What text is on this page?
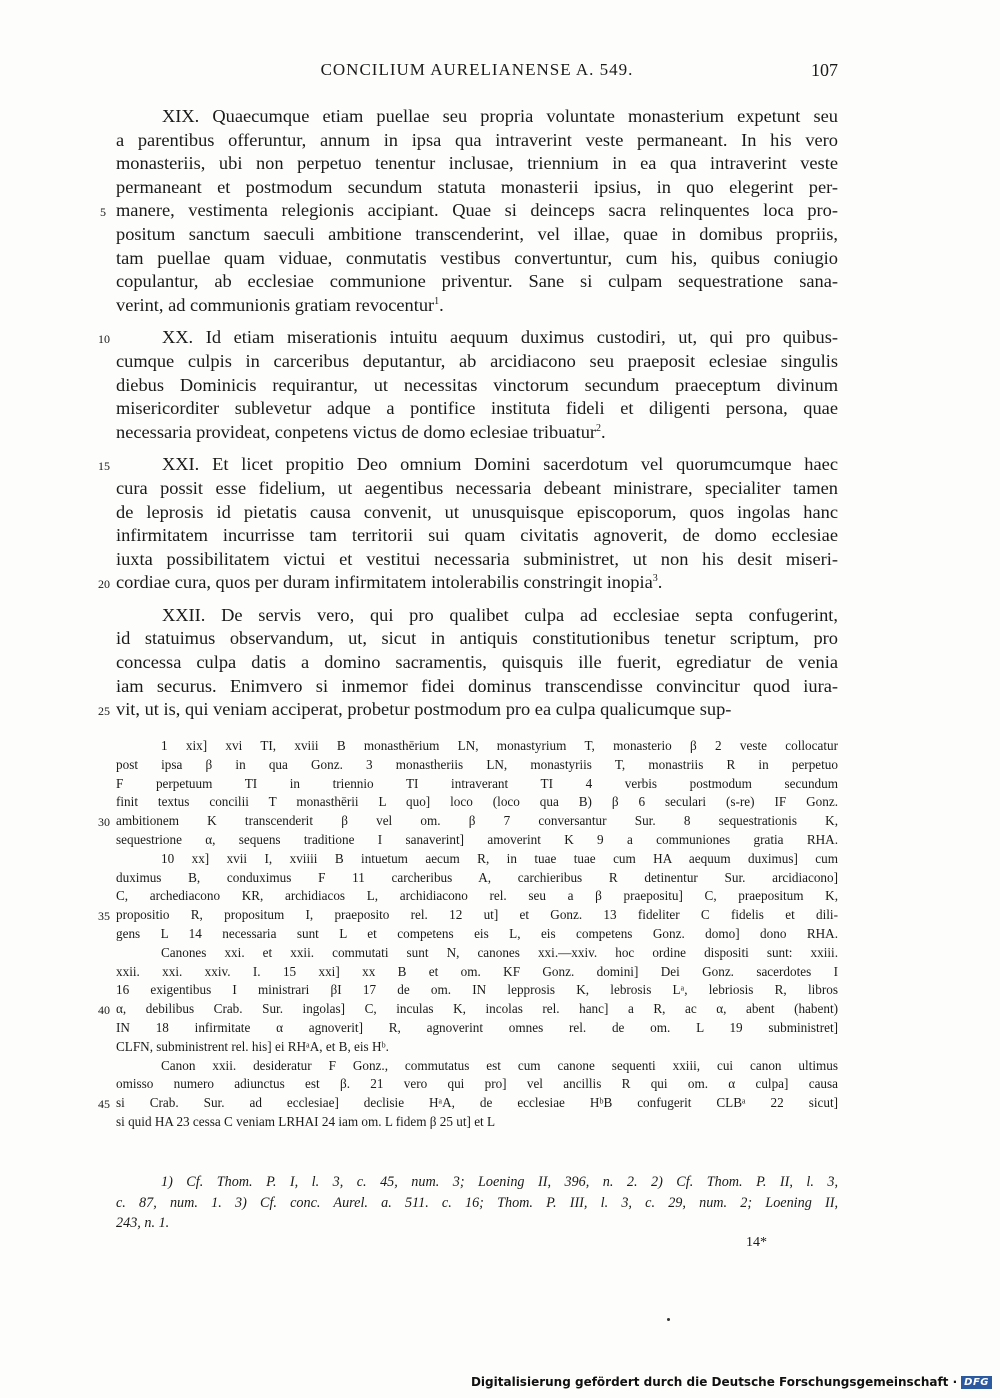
CONCILIUM AURELIANENSE A. 549.	107
XIX. Quaecumque etiam puellae seu propria voluntate monasterium expetunt seu
a parentibus offeruntur, annum in ipsa qua intraverint veste permaneant. In his vero
monasteriis, ubi non perpetuo tenentur inclusae, triennium in ea qua intraverint veste
permaneant et postmodum secundum statuta monasterii ipsius, in quo elegerint per-
manere, vestimenta relegionis accipiant. Quae si deinceps sacra relinquentes loca pro-
5
positum sanctum saeculi ambitione transcenderint, vel illae, quae in domibus propriis,
tam puellae quam viduae, conmutatis vestibus convertuntur, cum his, quibus coniugio
copulantur, ab ecclesiae communione priventur. Sane si culpam sequestratione sana-
verint, ad communionis gratiam revocentur$^1$.
XX. Id etiam miserationis intuitu aequum duximus custodiri, ut, qui pro quibus-
10
cumque culpis in carceribus deputantur, ab arcidiacono seu praeposit eclesiae singulis
diebus Dominicis requirantur, ut necessitas vinctorum secundum praeceptum divinum
misericorditer sublevetur adque a pontifice instituta fideli et diligenti persona, quae
necessaria provideat, conpetens victus de domo eclesiae tribuatur$^2$.
XXI. Et licet propitio Deo omnium Domini sacerdotum vel quorumcumque haec
15
cura possit esse fidelium, ut aegentibus necessaria debeant ministrare, specialiter tamen
de leprosis id pietatis causa convenit, ut unusquisque episcoporum, quos ingolas hanc
infirmitatem incurrisse tam territorii sui quam civitatis agnoverit, de domo ecclesiae
iuxta possibilitatem victui et vestitui necessaria subministret, ut non his desit miseri-
cordiae cura, quos per duram infirmitatem intolerabilis constringit inopia$^3$.
20
XXII. De servis vero, qui pro qualibet culpa ad ecclesiae septa confugerint,
id statuimus observandum, ut, sicut in antiquis constitutionibus tenetur scriptum, pro
concessa culpa datis a domino sacramentis, quisquis ille fuerit, egrediatur de venia
iam securus. Enimvero si inmemor fidei dominus transcendisse convincitur quod iura-
vit, ut is, qui veniam acciperat, probetur postmodum pro ea culpa qualicumque sup-
25
1 xix] xvi TI, xviii B monasthērium LN, monastyrium T, monasterio β 2 veste collocatur
post ipsa β in qua Gonz. 3 monastheriis LN, monastyriis T, monastriis R in perpetuo
F perpetuum TI in triennio TI intraverant TI 4 verbis postmodum secundum
finit textus concilii T monasthērii L quo] loco (loco qua B) β 6 seculari (s-re) IF Gonz.
ambitionem K transcenderit β vel om. β 7 conversantur Sur. 8 sequestrationis K,
30
sequestrione α, sequens traditione I sanaverint] amoverint K 9 a communiones gratia RHA.
10 xx] xvii I, xviiii B intuetum aecum R, in tuae tuae cum HA aequum duximus] cum
duximus B, conduximus F 11 carcheribus A, carchieribus R detinentur Sur. arcidiacono]
C, archediacono KR, archidiacos L, archidiacono rel. seu a β praepositu] C, praepositum K,
propositio R, propositum I, praeposito rel. 12 ut] et Gonz. 13 fideliter C fidelis et dili-
35
gens L 14 necessaria sunt L et competens eis L, eis competens Gonz. domo] dono RHA.
Canones xxi. et xxii. commutati sunt N, canones xxi.—xxiv. hoc ordine dispositi sunt: xxiii.
xxii. xxi. xxiv. I. 15 xxi] xx B et om. KF Gonz. domini] Dei Gonz. sacerdotes I
16 exigentibus I ministrari βI 17 de om. IN lepprosis K, lebrosis Lᵃ, lebriosis R, libros
α, debilibus Crab. Sur. ingolas] C, inculas K, incolas rel. hanc] a R, ac α, abent (habent)
40
IN 18 infirmitate α agnoverit] R, agnoverint omnes rel. de om. L 19 subministret]
CLFN, subministrent rel. his] ei RHᵃA, et B, eis Hᵇ.
Canon xxii. desideratur F Gonz., commutatus est cum canone sequenti xxiii, cui canon ultimus
omisso numero adiunctus est β. 21 vero qui pro] vel ancillis R qui om. α culpa] causa
si Crab. Sur. ad ecclesiae] declisie HᵃA, de ecclesiae HᵇB confugerit CLBᵃ 22 sicut]
45
si quid HA 23 cessa C veniam LRHAI 24 iam om. L fidem β 25 ut] et L
1) Cf. Thom. P. I, l. 3, c. 45, num. 3; Loening II, 396, n. 2. 2) Cf. Thom. P. II, l. 3,
c. 87, num. 1. 3) Cf. conc. Aurel. a. 511. c. 16; Thom. P. III, l. 3, c. 29, num. 2; Loening II,
243, n. 1.
14*
Digitalisierung gefördert durch die Deutsche Forschungsgemeinschaft · DFG
